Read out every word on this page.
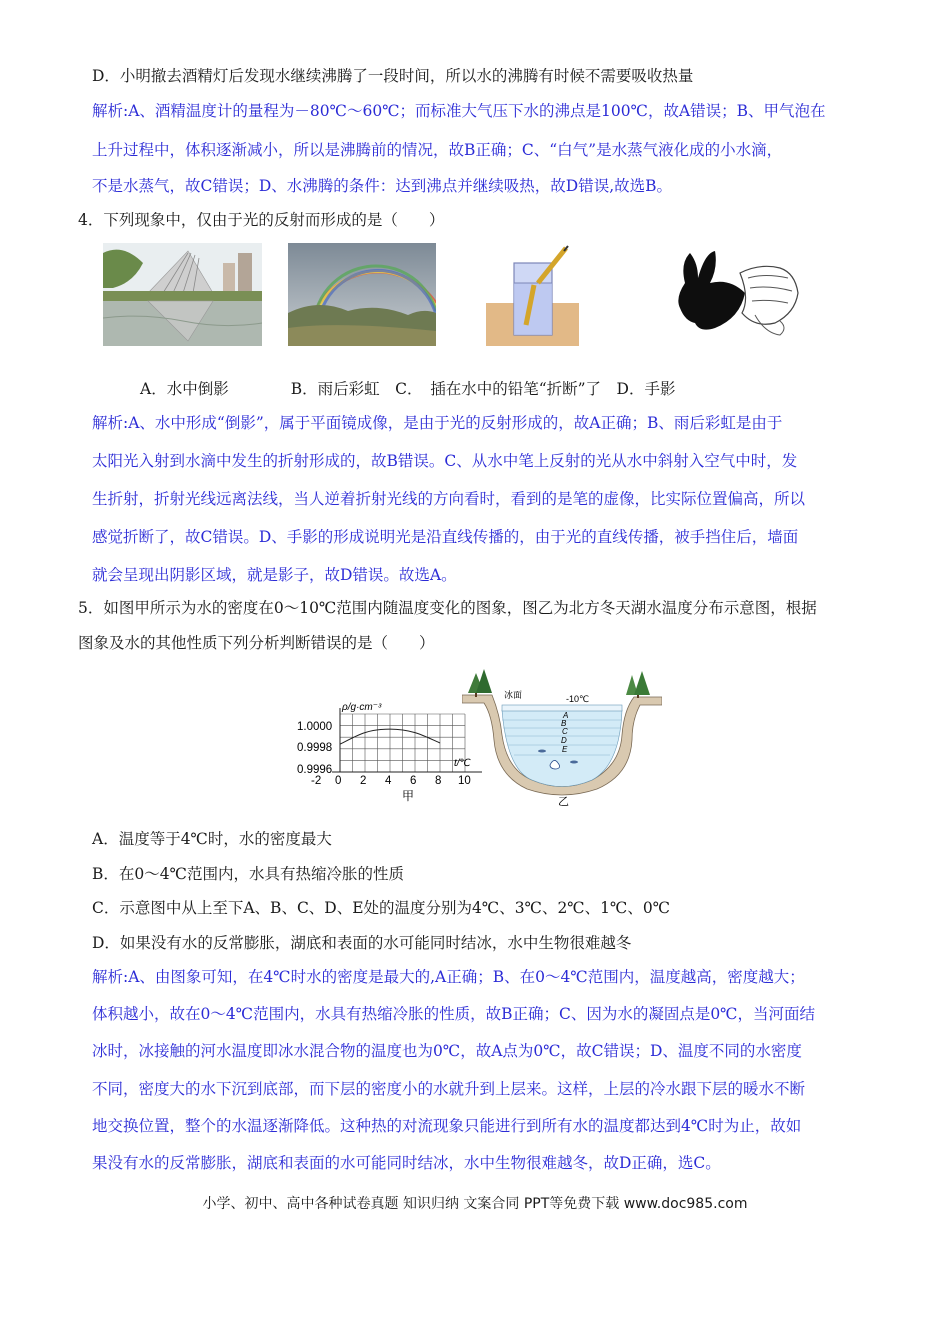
D．小明撤去酒精灯后发现水继续沸腾了一段时间，所以水的沸腾有时候不需要吸收热量
解析:A、酒精温度计的量程为－80℃～60℃；而标准大气压下水的沸点是100℃，故A错误；B、甲气泡在
上升过程中，体积逐渐减小，所以是沸腾前的情况，故B正确；C、“白气”是水蒸气液化成的小水滴，
不是水蒸气，故C错误；D、水沸腾的条件：达到沸点并继续吸热，故D错误,故选B。
4．下列现象中，仅由于光的反射而形成的是（　　）
A．水中倒影　　　　B．雨后彩虹　C．　插在水中的铅笔“折断”了　D．手影
解析:A、水中形成“倒影”，属于平面镜成像，是由于光的反射形成的，故A正确；B、雨后彩虹是由于
太阳光入射到水滴中发生的折射形成的，故B错误。C、从水中笔上反射的光从水中斜射入空气中时，发
生折射，折射光线远离法线，当人逆着折射光线的方向看时，看到的是笔的虚像，比实际位置偏高，所以
感觉折断了，故C错误。D、手影的形成说明光是沿直线传播的，由于光的直线传播，被手挡住后，墙面
就会呈现出阴影区域，就是影子，故D错误。故选A。
5．如图甲所示为水的密度在0～10℃范围内随温度变化的图象，图乙为北方冬天湖水温度分布示意图，根据
图象及水的其他性质下列分析判断错误的是（　　）
ρ/g·cm⁻³
1.0000
0.9998
0.9996
t/℃
-2 0 2 4 6 8 10
甲
冰面	-10℃
A
B
C
D
E
乙
A．温度等于4℃时，水的密度最大
B．在0～4℃范围内，水具有热缩冷胀的性质
C．示意图中从上至下A、B、C、D、E处的温度分别为4℃、3℃、2℃、1℃、0℃
D．如果没有水的反常膨胀，湖底和表面的水可能同时结冰，水中生物很难越冬
解析:A、由图象可知，在4℃时水的密度是最大的,A正确；B、在0～4℃范围内，温度越高，密度越大；
体积越小，故在0～4℃范围内，水具有热缩冷胀的性质，故B正确；C、因为水的凝固点是0℃，当河面结
冰时，冰接触的河水温度即冰水混合物的温度也为0℃，故A点为0℃，故C错误；D、温度不同的水密度
不同，密度大的水下沉到底部，而下层的密度小的水就升到上层来。这样，上层的冷水跟下层的暖水不断
地交换位置，整个的水温逐渐降低。这种热的对流现象只能进行到所有水的温度都达到4℃时为止，故如
果没有水的反常膨胀，湖底和表面的水可能同时结冰，水中生物很难越冬，故D正确，选C。
小学、初中、高中各种试卷真题 知识归纳 文案合同 PPT等免费下载 www.doc985.com
